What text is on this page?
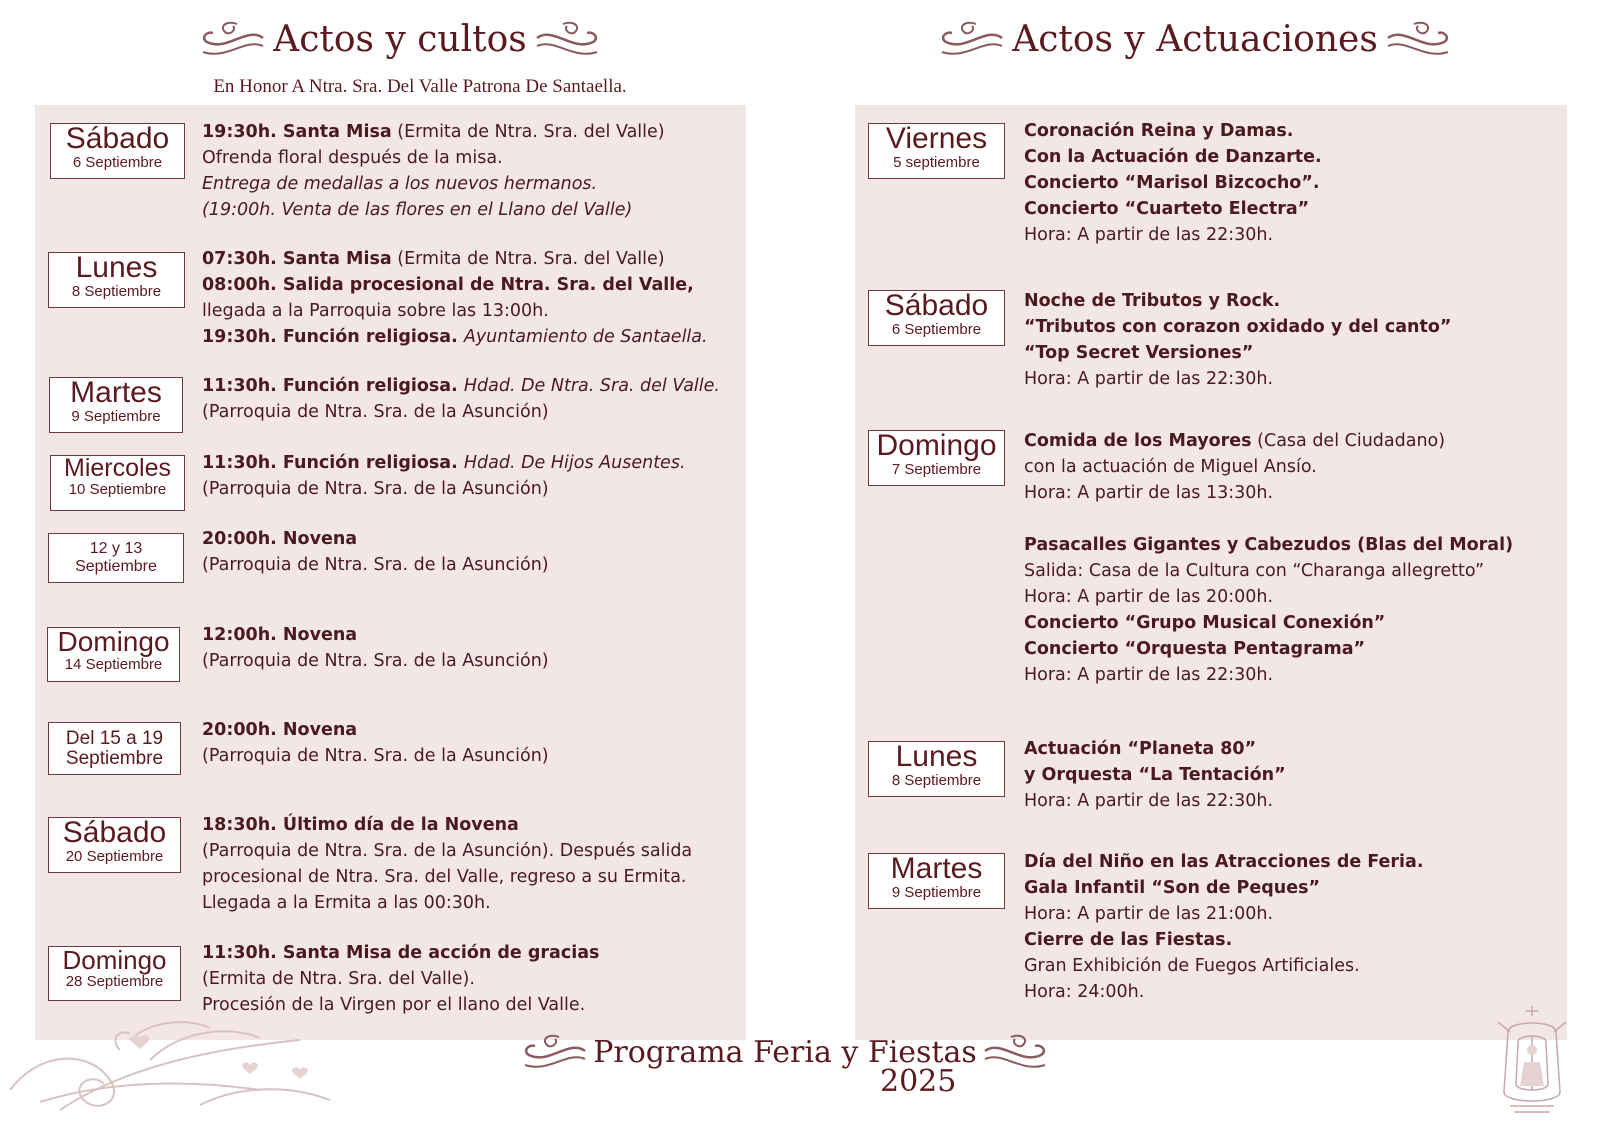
Actos y cultos
En Honor A Ntra. Sra. Del Valle Patrona De Santaella.
Actos y Actuaciones
Sábado
6 Septiembre
19:30h. Santa Misa (Ermita de Ntra. Sra. del Valle)
Ofrenda floral después de la misa.
Entrega de medallas a los nuevos hermanos.
(19:00h. Venta de las flores en el Llano del Valle)
Lunes
8 Septiembre
07:30h. Santa Misa (Ermita de Ntra. Sra. del Valle)
08:00h. Salida procesional de Ntra. Sra. del Valle,
llegada a la Parroquia sobre las 13:00h.
19:30h. Función religiosa. Ayuntamiento de Santaella.
Martes
9 Septiembre
11:30h. Función religiosa. Hdad. De Ntra. Sra. del Valle.
(Parroquia de Ntra. Sra. de la Asunción)
Miercoles
10 Septiembre
11:30h. Función religiosa. Hdad. De Hijos Ausentes.
(Parroquia de Ntra. Sra. de la Asunción)
12 y 13
Septiembre
20:00h. Novena
(Parroquia de Ntra. Sra. de la Asunción)
Domingo
14 Septiembre
12:00h. Novena
(Parroquia de Ntra. Sra. de la Asunción)
Del 15 a 19
Septiembre
20:00h. Novena
(Parroquia de Ntra. Sra. de la Asunción)
Sábado
20 Septiembre
18:30h. Último día de la Novena
(Parroquia de Ntra. Sra. de la Asunción). Después salida
procesional de Ntra. Sra. del Valle, regreso a su Ermita.
Llegada a la Ermita a las 00:30h.
Domingo
28 Septiembre
11:30h. Santa Misa de acción de gracias
(Ermita de Ntra. Sra. del Valle).
Procesión de la Virgen por el llano del Valle.
Viernes
5 septiembre
Coronación Reina y Damas.
Con la Actuación de Danzarte.
Concierto “Marisol Bizcocho”.
Concierto “Cuarteto Electra”
Hora: A partir de las 22:30h.
Sábado
6 Septiembre
Noche de Tributos y Rock.
“Tributos con corazon oxidado y del canto”
“Top Secret Versiones”
Hora: A partir de las 22:30h.
Domingo
7 Septiembre
Comida de los Mayores (Casa del Ciudadano)
con la actuación de Miguel Ansío.
Hora: A partir de las 13:30h.

Pasacalles Gigantes y Cabezudos (Blas del Moral)
Salida: Casa de la Cultura con “Charanga allegretto”
Hora: A partir de las 20:00h.
Concierto “Grupo Musical Conexión”
Concierto “Orquesta Pentagrama”
Hora: A partir de las 22:30h.
Lunes
8 Septiembre
Actuación “Planeta 80”
y Orquesta “La Tentación”
Hora: A partir de las 22:30h.
Martes
9 Septiembre
Día del Niño en las Atracciones de Feria.
Gala Infantil “Son de Peques”
Hora: A partir de las 21:00h.
Cierre de las Fiestas.
Gran Exhibición de Fuegos Artificiales.
Hora: 24:00h.
Programa Feria y Fiestas
2025
